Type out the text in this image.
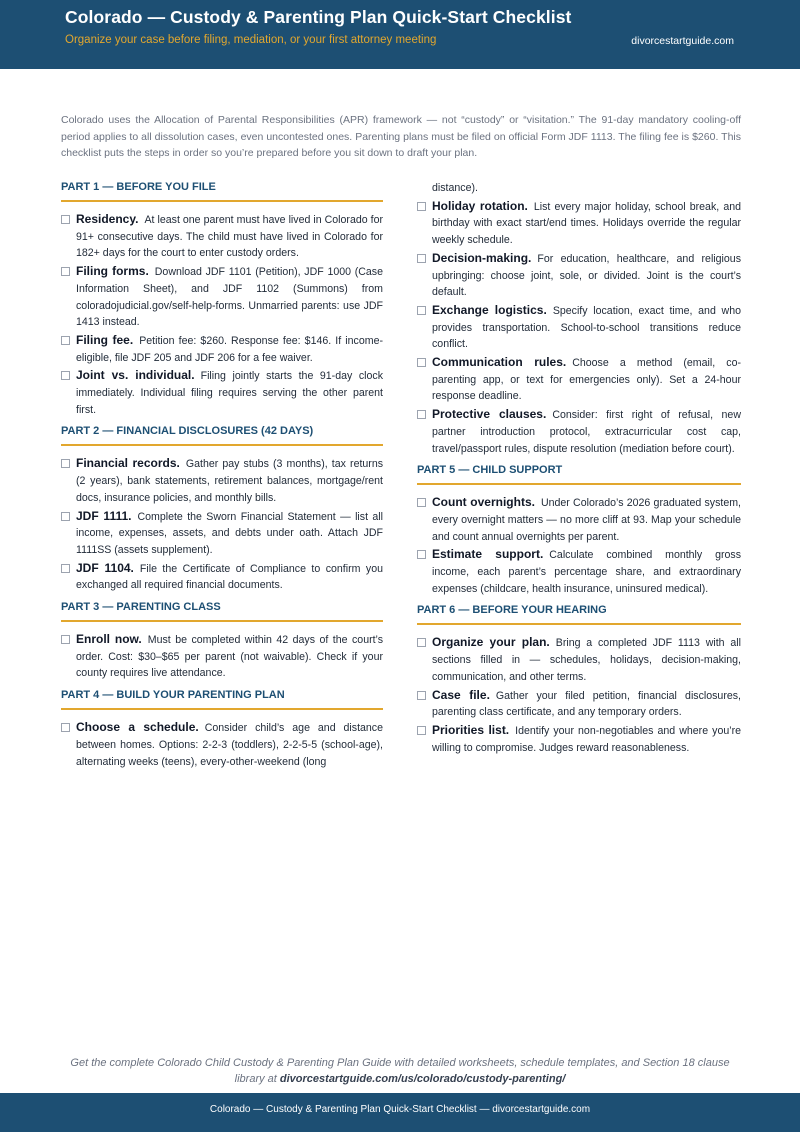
Colorado — Custody & Parenting Plan Quick-Start Checklist
Organize your case before filing, mediation, or your first attorney meeting	divorcestartguide.com

Colorado uses the Allocation of Parental Responsibilities (APR) framework — not “custody” or “visitation.” The 91-day mandatory cooling-off period applies to all dissolution cases, even uncontested ones. Parenting plans must be filed on official Form JDF 1113. The filing fee is $260. This checklist puts the steps in order so you’re prepared before you sit down to draft your plan.

PART 1 — BEFORE YOU FILE
Residency. At least one parent must have lived in Colorado for 91+ consecutive days. The child must have lived in Colorado for 182+ days for the court to enter custody orders.
Filing forms. Download JDF 1101 (Petition), JDF 1000 (Case Information Sheet), and JDF 1102 (Summons) from coloradojudicial.gov/self-help-forms. Unmarried parents: use JDF 1413 instead.
Filing fee. Petition fee: $260. Response fee: $146. If income-eligible, file JDF 205 and JDF 206 for a fee waiver.
Joint vs. individual. Filing jointly starts the 91-day clock immediately. Individual filing requires serving the other parent first.
PART 2 — FINANCIAL DISCLOSURES (42 DAYS)
Financial records. Gather pay stubs (3 months), tax returns (2 years), bank statements, retirement balances, mortgage/rent docs, insurance policies, and monthly bills.
JDF 1111. Complete the Sworn Financial Statement — list all income, expenses, assets, and debts under oath. Attach JDF 1111SS (assets supplement).
JDF 1104. File the Certificate of Compliance to confirm you exchanged all required financial documents.
PART 3 — PARENTING CLASS
Enroll now. Must be completed within 42 days of the court’s order. Cost: $30–$65 per parent (not waivable). Check if your county requires live attendance.
PART 4 — BUILD YOUR PARENTING PLAN
Choose a schedule. Consider child’s age and distance between homes. Options: 2-2-3 (toddlers), 2-2-5-5 (school-age), alternating weeks (teens), every-other-weekend (long
distance).
Holiday rotation. List every major holiday, school break, and birthday with exact start/end times. Holidays override the regular weekly schedule.
Decision-making. For education, healthcare, and religious upbringing: choose joint, sole, or divided. Joint is the court’s default.
Exchange logistics. Specify location, exact time, and who provides transportation. School-to-school transitions reduce conflict.
Communication rules. Choose a method (email, co-parenting app, or text for emergencies only). Set a 24-hour response deadline.
Protective clauses. Consider: first right of refusal, new partner introduction protocol, extracurricular cost cap, travel/passport rules, dispute resolution (mediation before court).
PART 5 — CHILD SUPPORT
Count overnights. Under Colorado’s 2026 graduated system, every overnight matters — no more cliff at 93. Map your schedule and count annual overnights per parent.
Estimate support. Calculate combined monthly gross income, each parent’s percentage share, and extraordinary expenses (childcare, health insurance, uninsured medical).
PART 6 — BEFORE YOUR HEARING
Organize your plan. Bring a completed JDF 1113 with all sections filled in — schedules, holidays, decision-making, communication, and other terms.
Case file. Gather your filed petition, financial disclosures, parenting class certificate, and any temporary orders.
Priorities list. Identify your non-negotiables and where you’re willing to compromise. Judges reward reasonableness.
Get the complete Colorado Child Custody & Parenting Plan Guide with detailed worksheets, schedule templates, and Section 18 clause library at divorcestartguide.com/us/colorado/custody-parenting/
Colorado — Custody & Parenting Plan Quick-Start Checklist — divorcestartguide.com
